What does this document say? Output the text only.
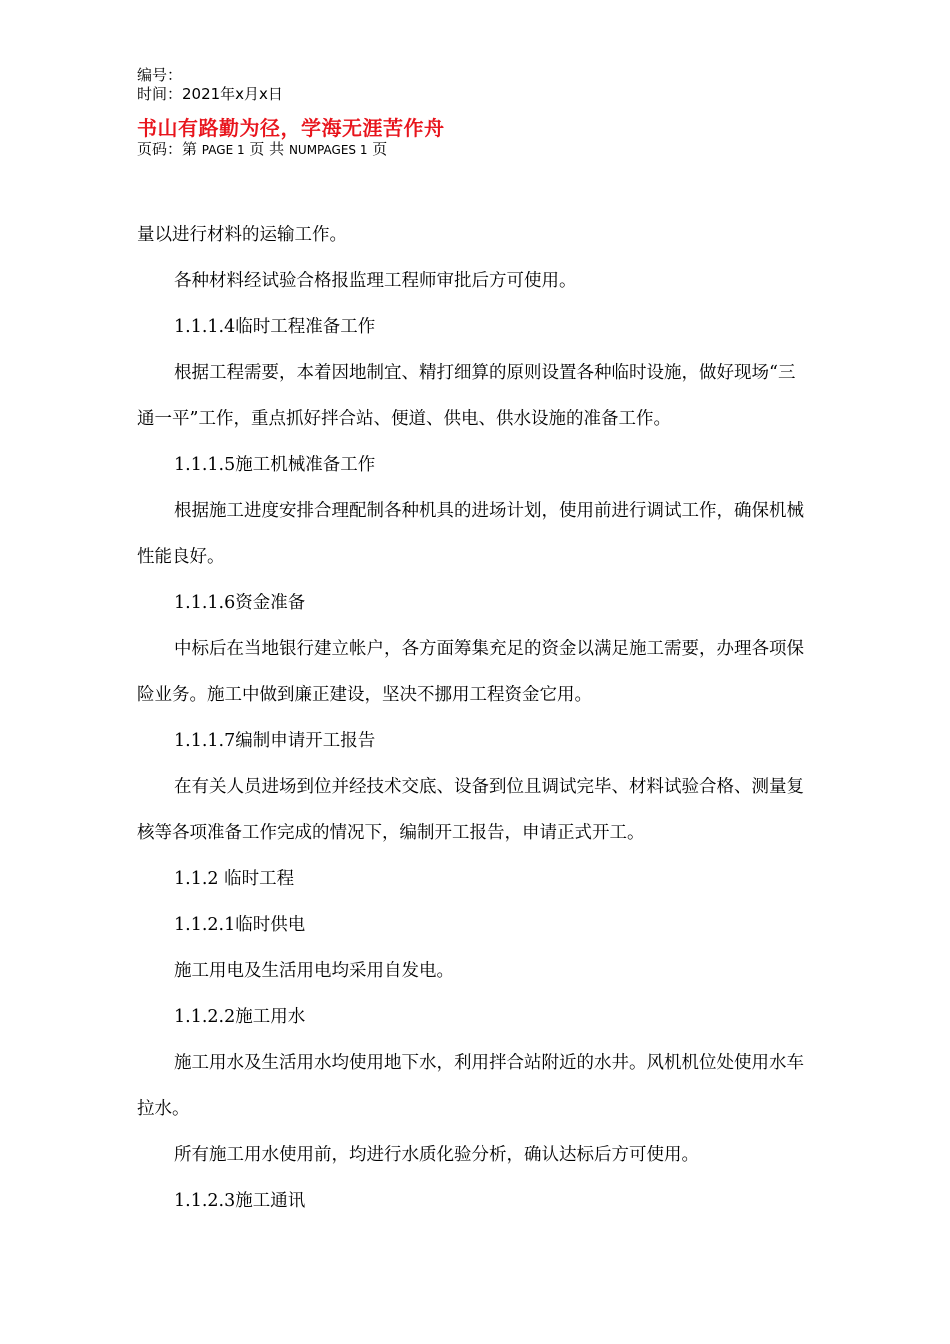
编号：
时间：2021年x月x日
书山有路勤为径，学海无涯苦作舟
页码：第 PAGE 1 页 共 NUMPAGES 1 页

量以进行材料的运输工作。

各种材料经试验合格报监理工程师审批后方可使用。

1.1.1.4临时工程准备工作

根据工程需要，本着因地制宜、精打细算的原则设置各种临时设施，做好现场“三

通一平”工作，重点抓好拌合站、便道、供电、供水设施的准备工作。

1.1.1.5施工机械准备工作

根据施工进度安排合理配制各种机具的进场计划，使用前进行调试工作，确保机械

性能良好。

1.1.1.6资金准备

中标后在当地银行建立帐户，各方面筹集充足的资金以满足施工需要，办理各项保

险业务。施工中做到廉正建设，坚决不挪用工程资金它用。

1.1.1.7编制申请开工报告

在有关人员进场到位并经技术交底、设备到位且调试完毕、材料试验合格、测量复

核等各项准备工作完成的情况下，编制开工报告，申请正式开工。

1.1.2 临时工程

1.1.2.1临时供电

施工用电及生活用电均采用自发电。

1.1.2.2施工用水

施工用水及生活用水均使用地下水，利用拌合站附近的水井。风机机位处使用水车

拉水。

所有施工用水使用前，均进行水质化验分析，确认达标后方可使用。

1.1.2.3施工通讯
